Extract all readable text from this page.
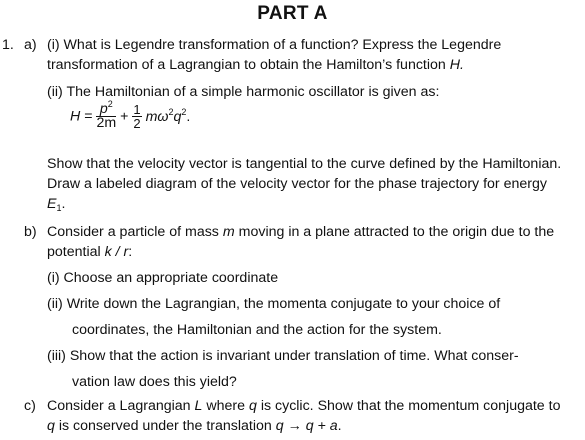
PART A
1. a) (i) What is Legendre transformation of a function? Express the Legendre
transformation of a Lagrangian to obtain the Hamilton’s function H.
(ii) The Hamiltonian of a simple harmonic oscillator is given as:
$H = \frac{p^2}{2m} + \frac{1}{2} m\omega^2q^2$.
Show that the velocity vector is tangential to the curve defined by the Hamiltonian.
Draw a labeled diagram of the velocity vector for the phase trajectory for energy
$E_1$.
b) Consider a particle of mass m moving in a plane attracted to the origin due to the
potential k / r:
(i) Choose an appropriate coordinate
(ii) Write down the Lagrangian, the momenta conjugate to your choice of
coordinates, the Hamiltonian and the action for the system.
(iii) Show that the action is invariant under translation of time. What conser-
vation law does this yield?
c) Consider a Lagrangian L where q is cyclic. Show that the momentum conjugate to
q is conserved under the translation q → q + a.
